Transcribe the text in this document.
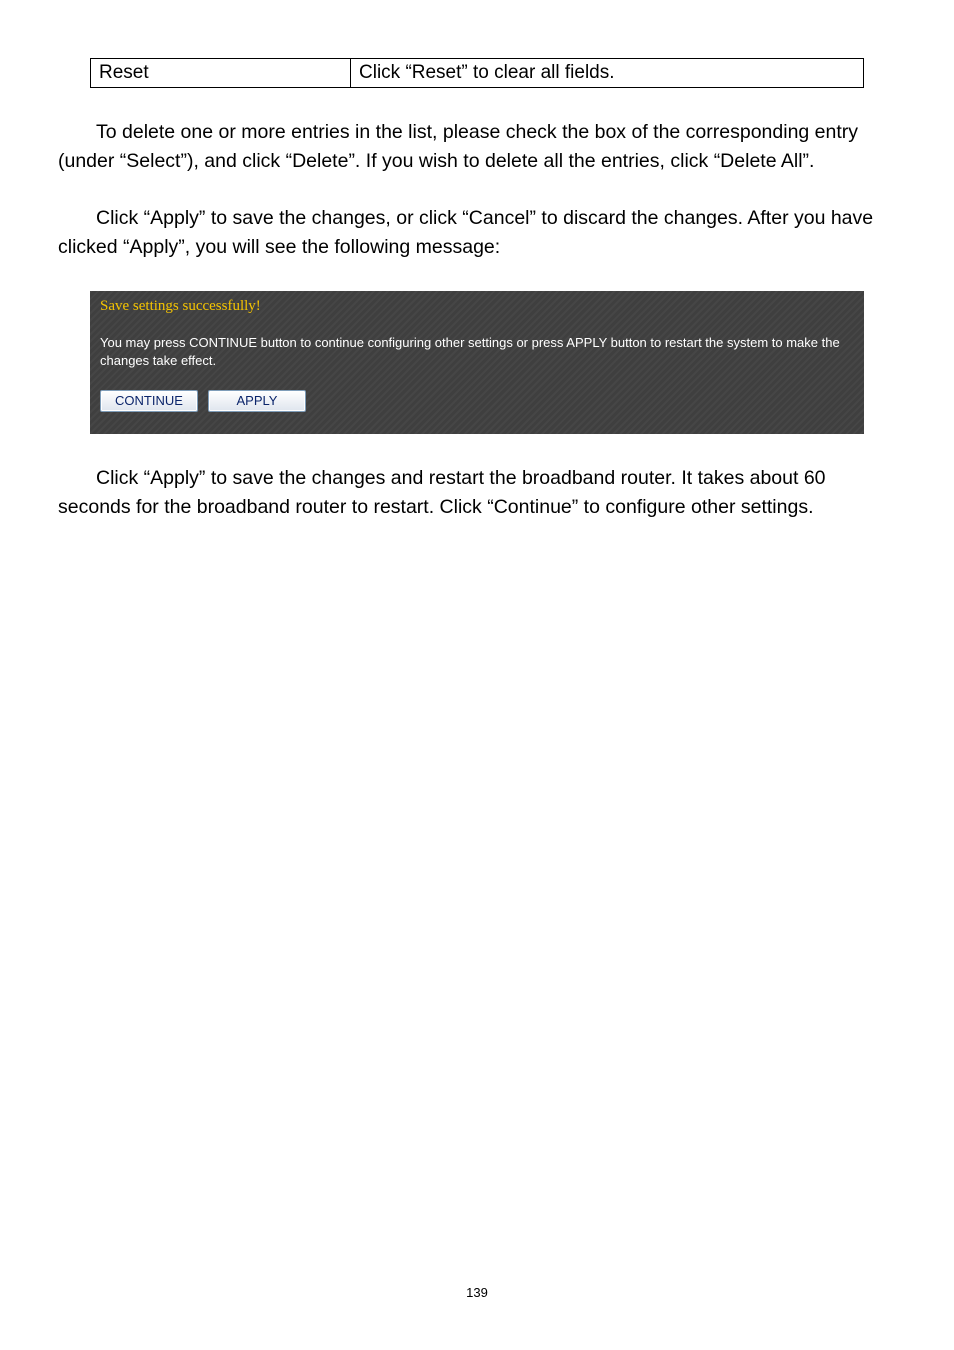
Reset	Click “Reset” to clear all fields.

To delete one or more entries in the list, please check the box of the corresponding entry (under “Select”), and click “Delete”. If you wish to delete all the entries, click “Delete All”.

Click “Apply” to save the changes, or click “Cancel” to discard the changes. After you have clicked “Apply”, you will see the following message:

Save settings successfully!
You may press CONTINUE button to continue configuring other settings or press APPLY button to restart the system to make the changes take effect.
CONTINUE	APPLY

Click “Apply” to save the changes and restart the broadband router. It takes about 60 seconds for the broadband router to restart. Click “Continue” to configure other settings.

139
